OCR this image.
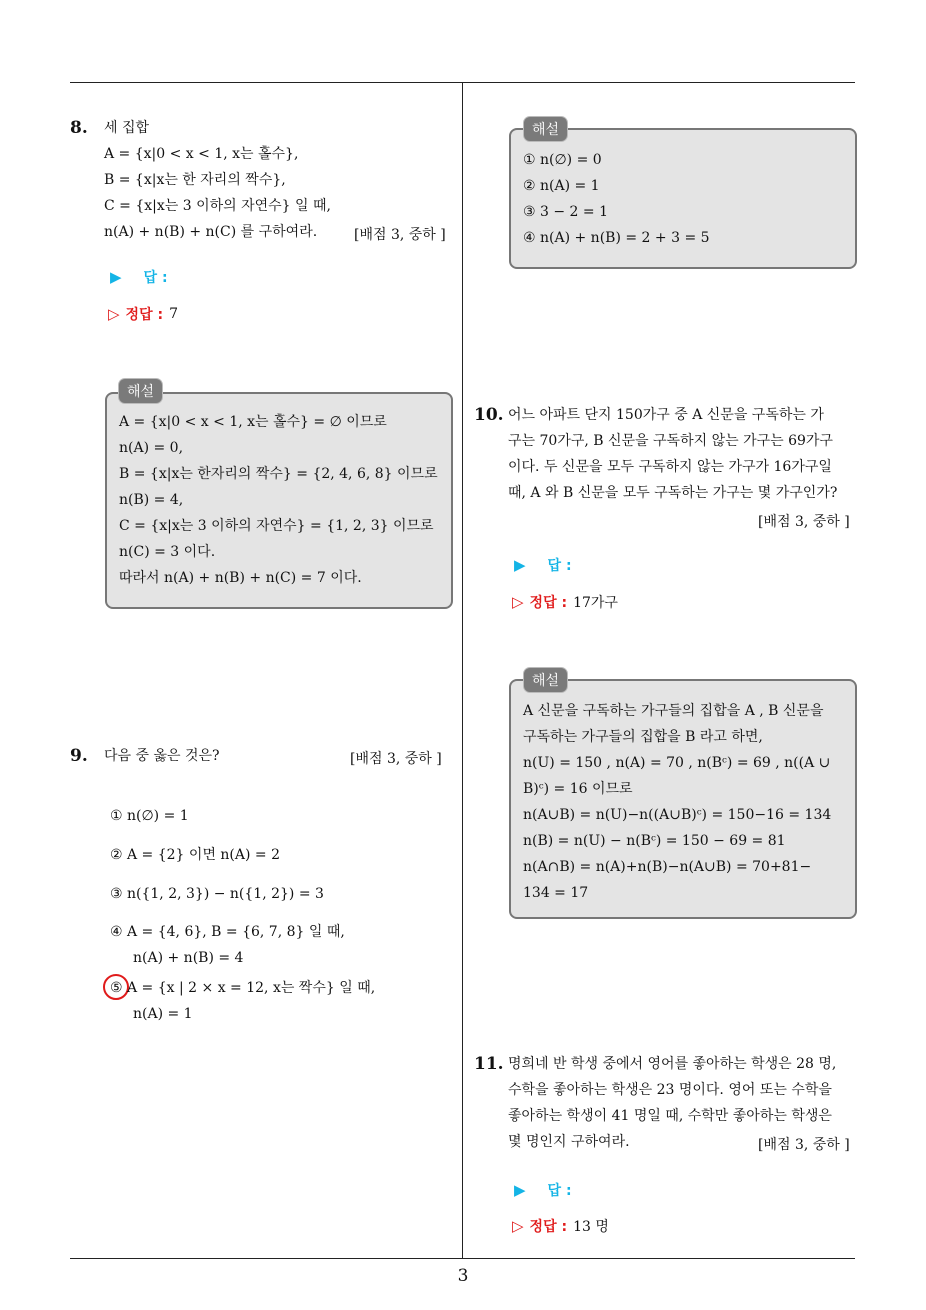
8. 세 집합
A = {x|0 < x < 1, x는 홀수},
B = {x|x는 한 자리의 짝수},
C = {x|x는 3 이하의 자연수} 일 때,
n(A) + n(B) + n(C) 를 구하여라.	[배점 3, 중하 ]
▶ 답 :
▷ 정답 : 7
A = {x|0 < x < 1, x는 홀수} = ∅ 이므로
n(A) = 0,
B = {x|x는 한자리의 짝수} = {2, 4, 6, 8} 이므로
n(B) = 4,
C = {x|x는 3 이하의 자연수} = {1, 2, 3} 이므로
n(C) = 3 이다.
따라서 n(A) + n(B) + n(C) = 7 이다.
해설
9. 다음 중 옳은 것은?	[배점 3, 중하 ]
① n(∅) = 1
② A = {2} 이면 n(A) = 2
③ n({1, 2, 3}) − n({1, 2}) = 3
④ A = {4, 6}, B = {6, 7, 8} 일 때,
n(A) + n(B) = 4
⑤ A = {x | 2 × x = 12, x는 짝수} 일 때,
n(A) = 1
① n(∅) = 0
② n(A) = 1
③ 3 − 2 = 1
④ n(A) + n(B) = 2 + 3 = 5
해설
10. 어느 아파트 단지 150가구 중 A 신문을 구독하는 가
구는 70가구, B 신문을 구독하지 않는 가구는 69가구
이다. 두 신문을 모두 구독하지 않는 가구가 16가구일
때, A 와 B 신문을 모두 구독하는 가구는 몇 가구인가?
[배점 3, 중하 ]
▶ 답 :
▷ 정답 : 17가구
A 신문을 구독하는 가구들의 집합을 A , B 신문을
구독하는 가구들의 집합을 B 라고 하면,
n(U) = 150 , n(A) = 70 , n(Bᶜ) = 69 , n((A ∪
B)ᶜ) = 16 이므로
n(A∪B) = n(U)−n((A∪B)ᶜ) = 150−16 = 134
n(B) = n(U) − n(Bᶜ) = 150 − 69 = 81
n(A∩B) = n(A)+n(B)−n(A∪B) = 70+81−
134 = 17
해설
11. 명희네 반 학생 중에서 영어를 좋아하는 학생은 28 명,
수학을 좋아하는 학생은 23 명이다. 영어 또는 수학을
좋아하는 학생이 41 명일 때, 수학만 좋아하는 학생은
몇 명인지 구하여라.	[배점 3, 중하 ]
▶ 답 :
▷ 정답 : 13 명
3
